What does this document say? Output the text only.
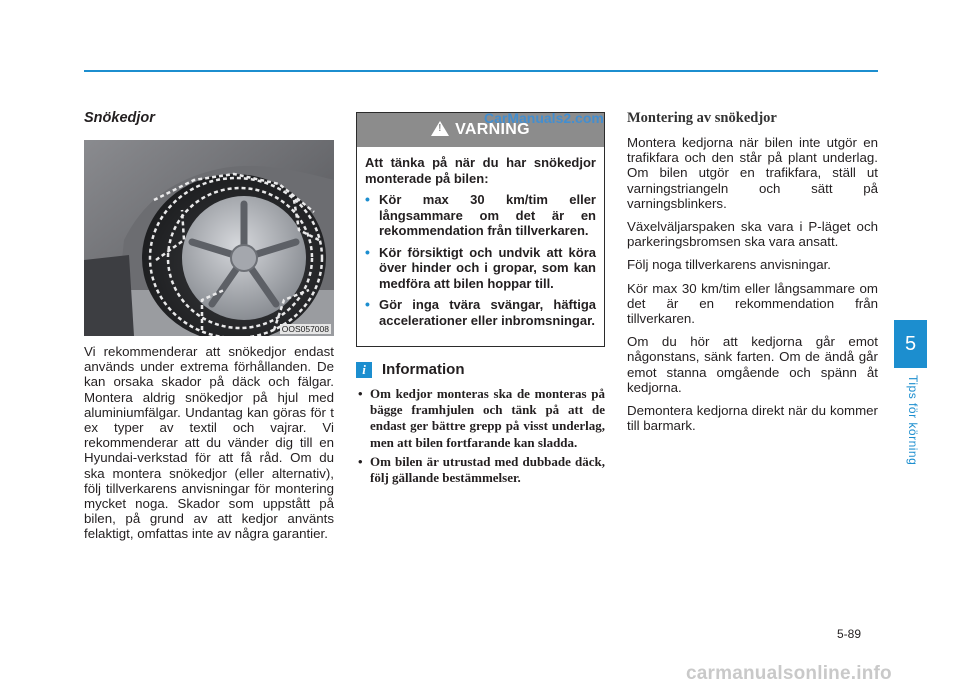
Snökedjor
OOS057008

Vi rekommenderar att snökedjor endast används under extrema förhållanden. De kan orsaka skador på däck och fälgar. Montera aldrig snökedjor på hjul med aluminiumfälgar. Undantag kan göras för t ex typer av textil och vajrar. Vi rekommenderar att du vänder dig till en Hyundai-verkstad för att få råd. Om du ska montera snökedjor (eller alternativ), följ tillverkarens anvisningar för montering mycket noga. Skador som uppstått på bilen, på grund av att kedjor använts felaktigt, omfattas inte av några garantier.

! VARNING
CarManuals2.com

Att tänka på när du har snökedjor monterade på bilen:

• Kör max 30 km/tim eller långsammare om det är en rekommendation från tillverkaren.
• Kör försiktigt och undvik att köra över hinder och i gropar, som kan medföra att bilen hoppar till.
• Gör inga tvära svängar, häftiga accelerationer eller inbromsningar.
i	Information
• Om kedjor monteras ska de monteras på bägge framhjulen och tänk på att de endast ger bättre grepp på visst underlag, men att bilen fortfarande kan sladda.
• Om bilen är utrustad med dubbade däck, följ gällande bestämmelser.
Montering av snökedjor

Montera kedjorna när bilen inte utgör en trafikfara och den står på plant underlag. Om bilen utgör en trafikfara, ställ ut varningstriangeln och sätt på varningsblinkers.

Växelväljarspaken ska vara i P-läget och parkeringsbromsen ska vara ansatt.

Följ noga tillverkarens anvisningar.

Kör max 30 km/tim eller långsammare om det är en rekommendation från tillverkaren.

Om du hör att kedjorna går emot någonstans, sänk farten. Om de ändå går emot stanna omgående och spänn åt kedjorna.

Demontera kedjorna direkt när du kommer till barmark.

5
Tips för körning
5-89
carmanualsonline.info
